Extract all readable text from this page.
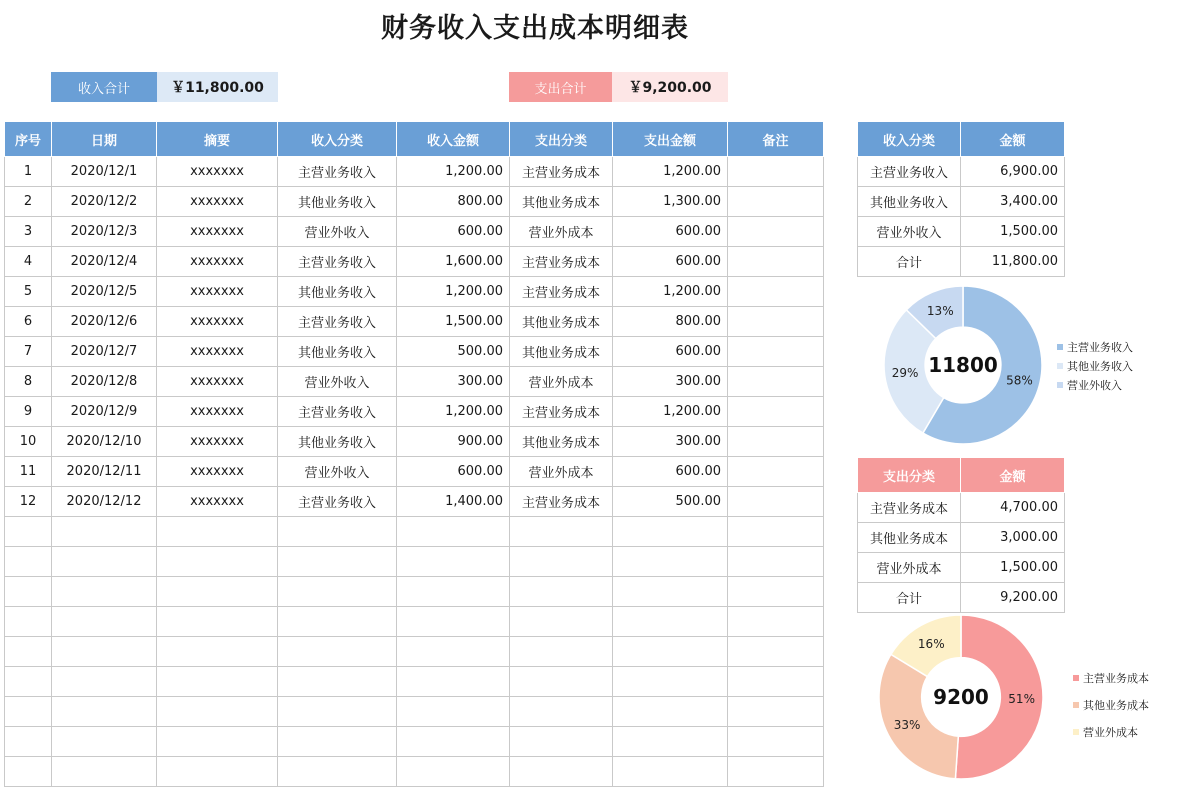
财务收入支出成本明细表
收入合计	￥11,800.00	支出合计	￥9,200.00
序号	日期	摘要	收入分类	收入金额	支出分类	支出金额	备注
1	2020/12/1	xxxxxxx	主营业务收入	1,200.00	主营业务成本	1,200.00	
2	2020/12/2	xxxxxxx	其他业务收入	800.00	其他业务成本	1,300.00	
3	2020/12/3	xxxxxxx	营业外收入	600.00	营业外成本	600.00	
4	2020/12/4	xxxxxxx	主营业务收入	1,600.00	主营业务成本	600.00	
5	2020/12/5	xxxxxxx	其他业务收入	1,200.00	主营业务成本	1,200.00	
6	2020/12/6	xxxxxxx	主营业务收入	1,500.00	其他业务成本	800.00	
7	2020/12/7	xxxxxxx	其他业务收入	500.00	其他业务成本	600.00	
8	2020/12/8	xxxxxxx	营业外收入	300.00	营业外成本	300.00	
9	2020/12/9	xxxxxxx	主营业务收入	1,200.00	主营业务成本	1,200.00	
10	2020/12/10	xxxxxxx	其他业务收入	900.00	其他业务成本	300.00	
11	2020/12/11	xxxxxxx	营业外收入	600.00	营业外成本	600.00	
12	2020/12/12	xxxxxxx	主营业务收入	1,400.00	主营业务成本	500.00	

收入分类	金额
主营业务收入	6,900.00
其他业务收入	3,400.00
营业外收入	1,500.00
合计	11,800.00
58%
29%
13%
11800
主营业务收入
其他业务收入
营业外收入
支出分类	金额
主营业务成本	4,700.00
其他业务成本	3,000.00
营业外成本	1,500.00
合计	9,200.00
51%
33%
16%
9200
主营业务成本
其他业务成本
营业外成本
